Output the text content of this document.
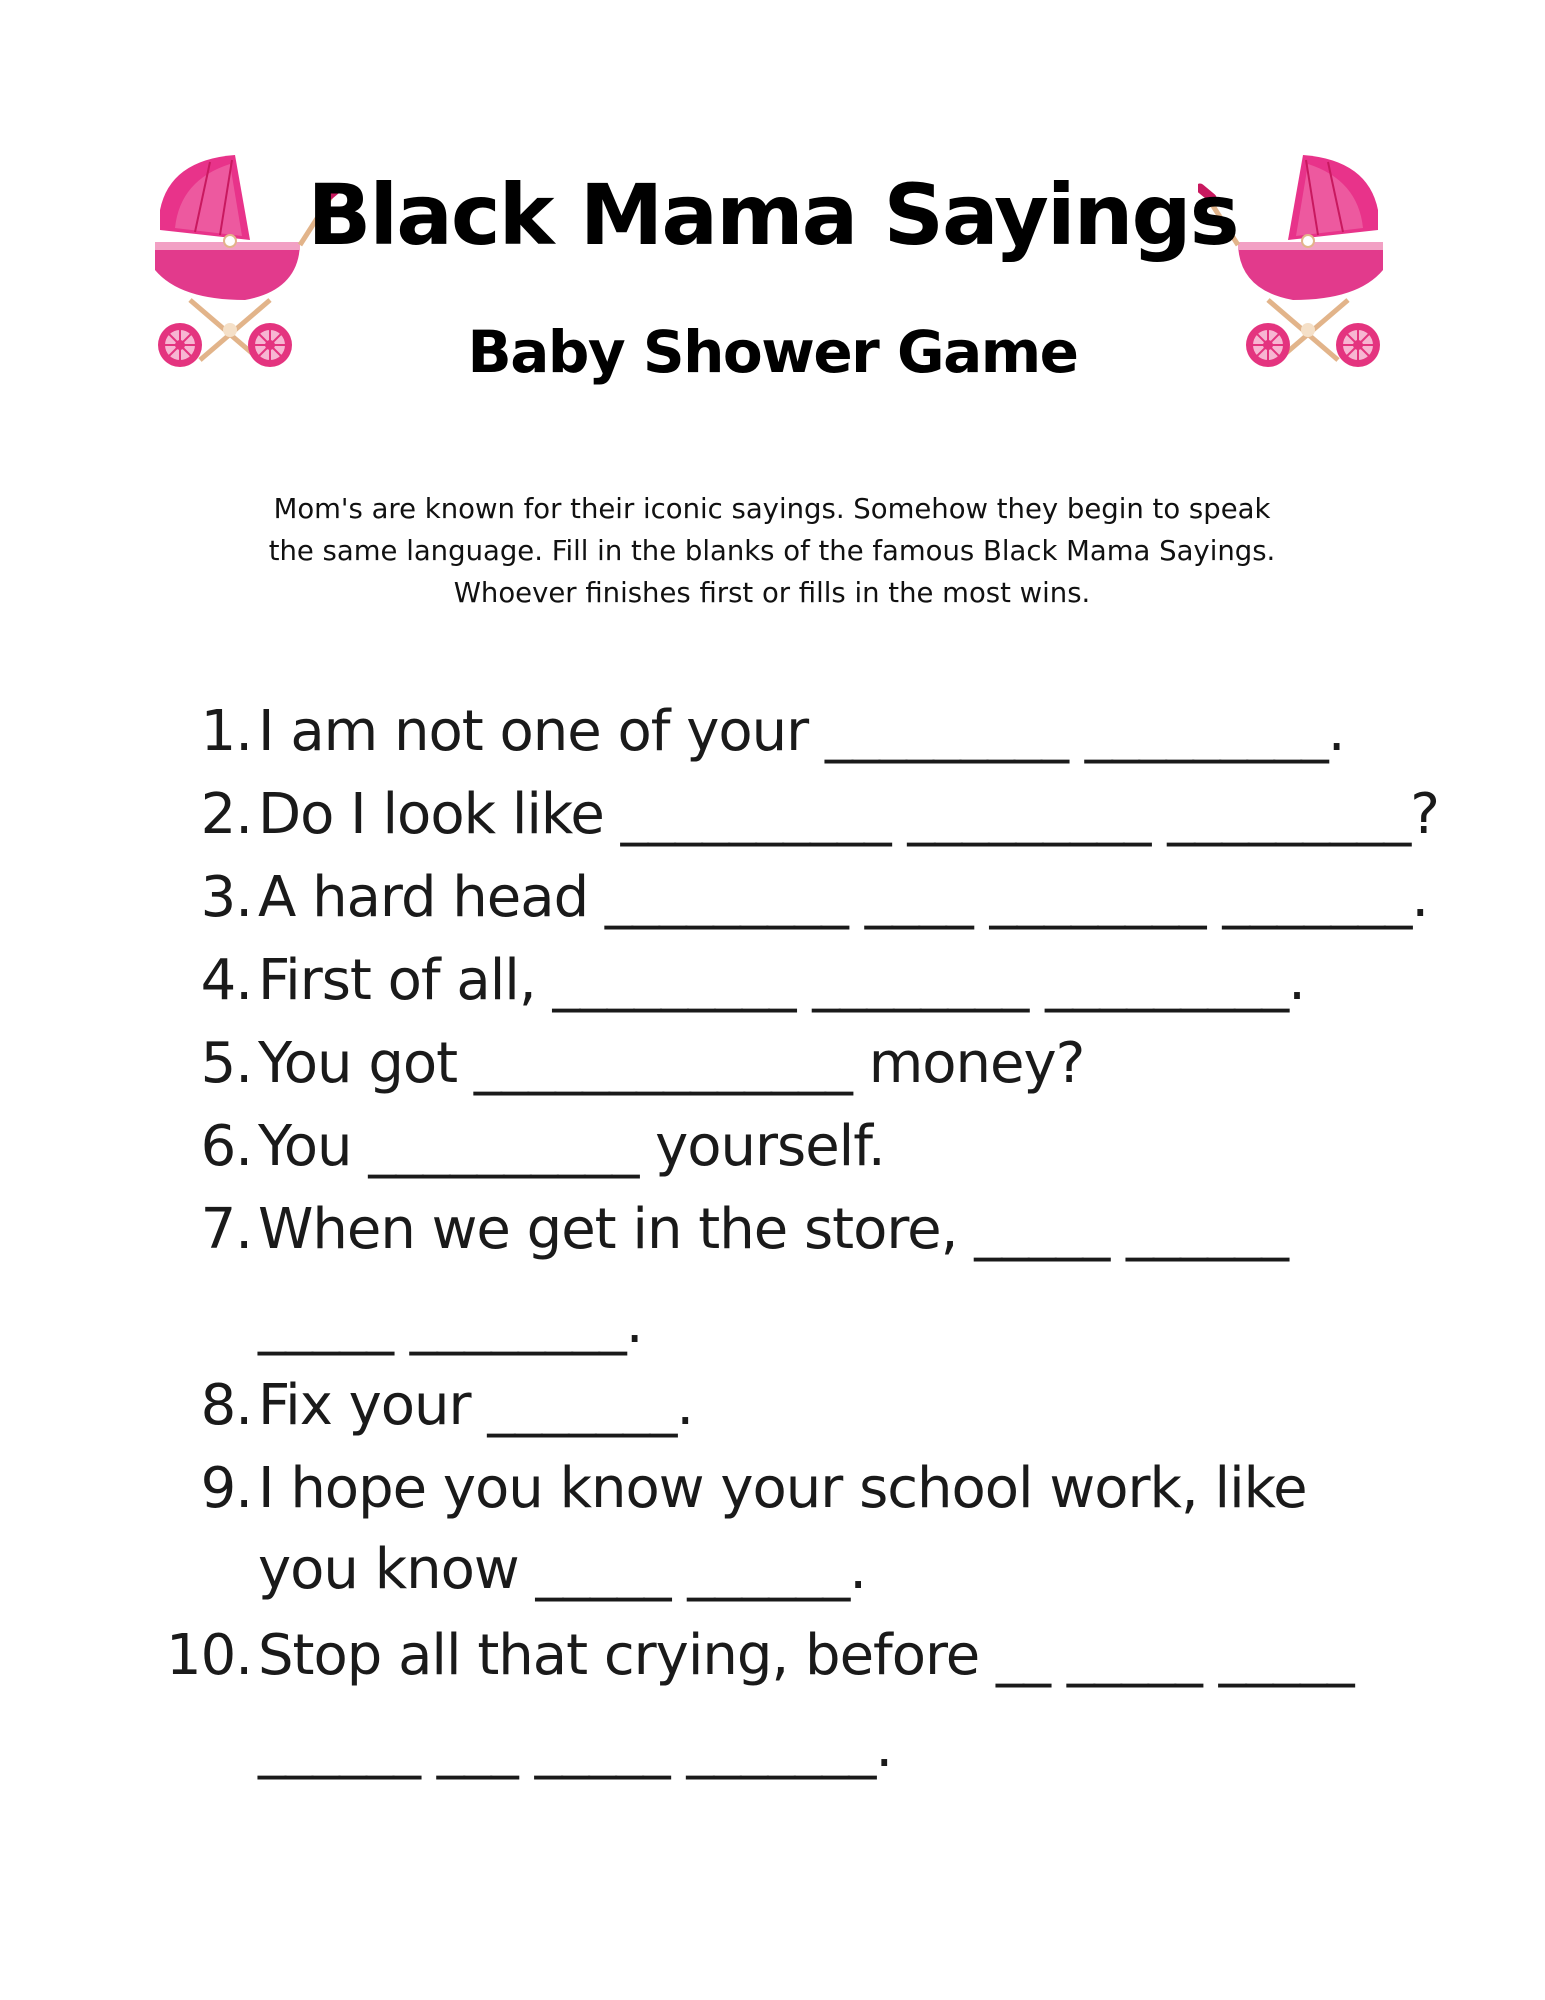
Black Mama Sayings
Baby Shower Game
Mom's are known for their iconic sayings. Somehow they begin to speak
the same language. Fill in the blanks of the famous Black Mama Sayings.
Whoever finishes first or fills in the most wins.
1. I am not one of your _________ _________.
2. Do I look like __________ _________ _________?
3. A hard head _________ ____ ________ _______.
4. First of all, _________ ________ _________.
5. You got ______________ money?
6. You __________ yourself.
7. When we get in the store, _____ ______
_____ ________.
8. Fix your _______.
9. I hope you know your school work, like
you know _____ ______.
10. Stop all that crying, before __ _____ _____
______ ___ _____ _______.
